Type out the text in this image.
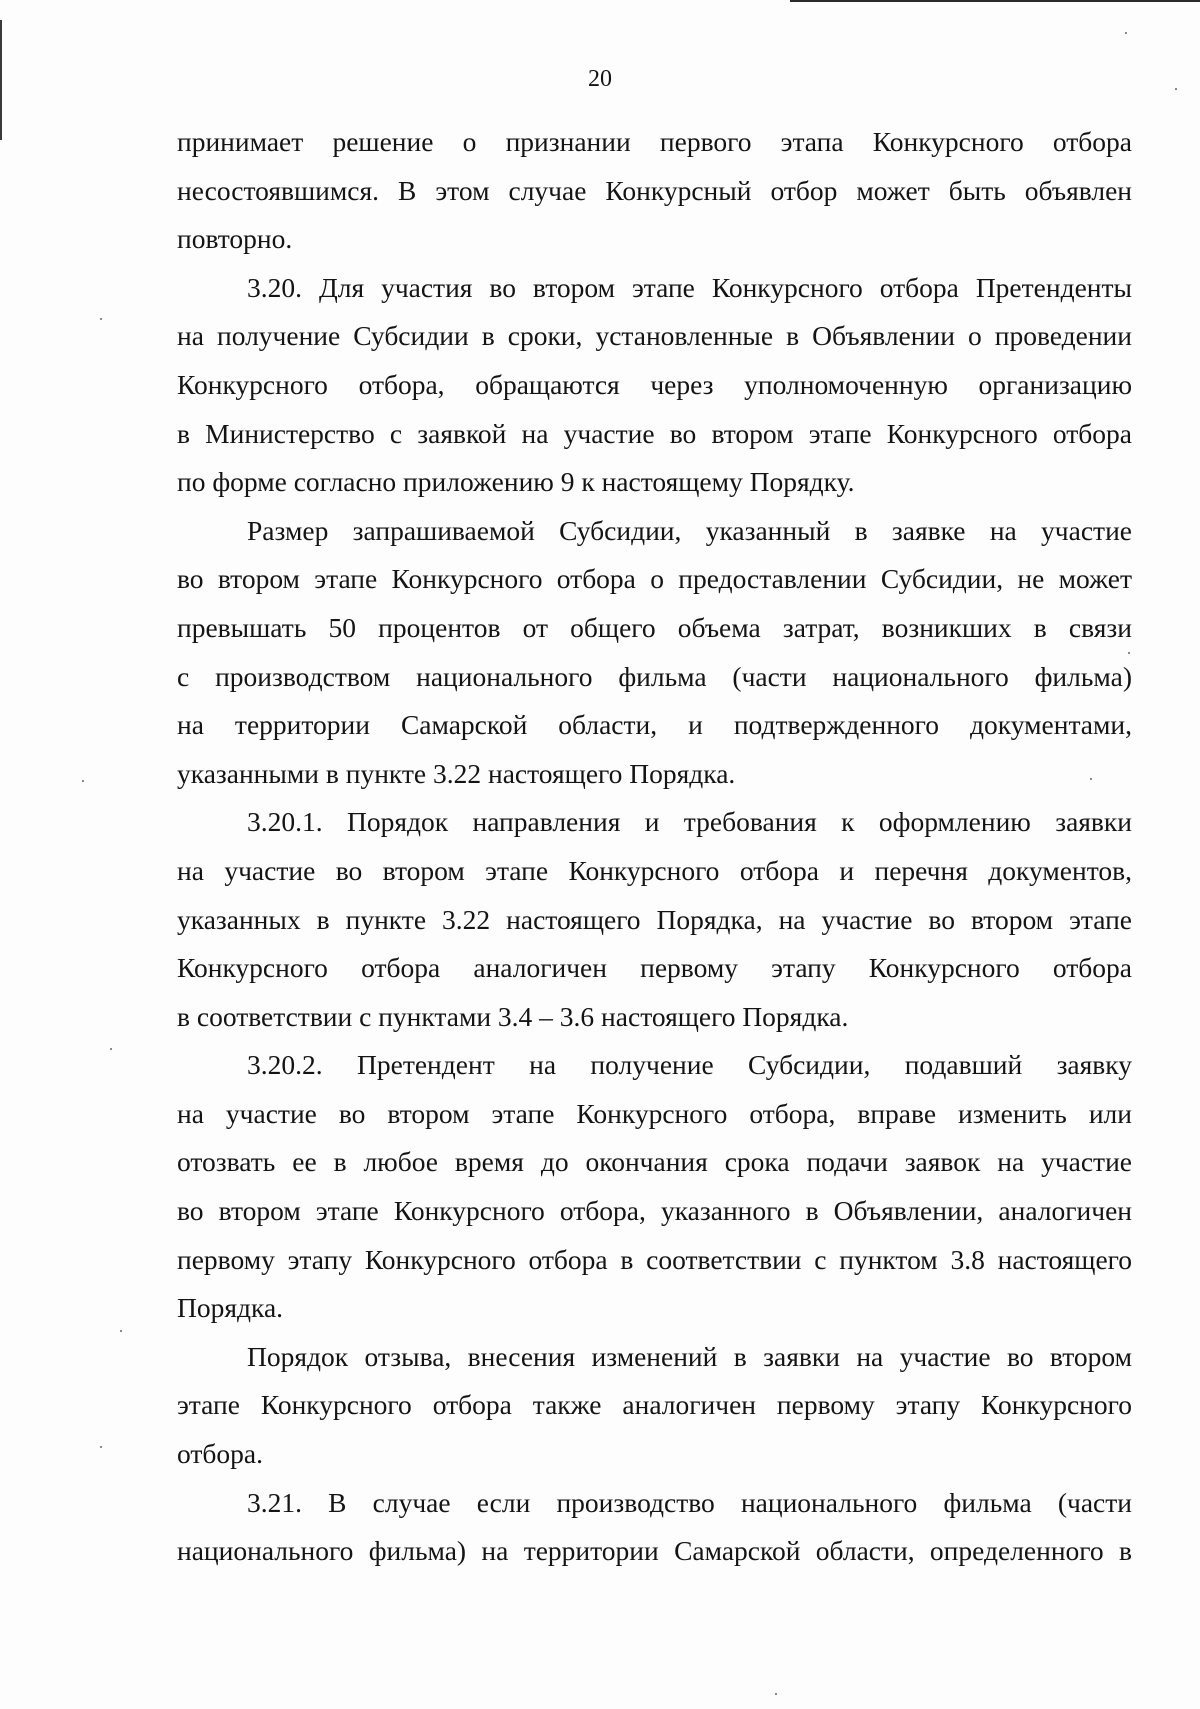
20
принимает решение о признании первого этапа Конкурсного отбора
несостоявшимся. В этом случае Конкурсный отбор может быть объявлен
повторно.
3.20. Для участия во втором этапе Конкурсного отбора Претенденты
на получение Субсидии в сроки, установленные в Объявлении о проведении
Конкурсного отбора, обращаются через уполномоченную организацию
в Министерство с заявкой на участие во втором этапе Конкурсного отбора
по форме согласно приложению 9 к настоящему Порядку.
Размер запрашиваемой Субсидии, указанный в заявке на участие
во втором этапе Конкурсного отбора о предоставлении Субсидии, не может
превышать 50 процентов от общего объема затрат, возникших в связи
с производством национального фильма (части национального фильма)
на территории Самарской области, и подтвержденного документами,
указанными в пункте 3.22 настоящего Порядка.
3.20.1. Порядок направления и требования к оформлению заявки
на участие во втором этапе Конкурсного отбора и перечня документов,
указанных в пункте 3.22 настоящего Порядка, на участие во втором этапе
Конкурсного отбора аналогичен первому этапу Конкурсного отбора
в соответствии с пунктами 3.4 – 3.6 настоящего Порядка.
3.20.2. Претендент на получение Субсидии, подавший заявку
на участие во втором этапе Конкурсного отбора, вправе изменить или
отозвать ее в любое время до окончания срока подачи заявок на участие
во втором этапе Конкурсного отбора, указанного в Объявлении, аналогичен
первому этапу Конкурсного отбора в соответствии с пунктом 3.8 настоящего
Порядка.
Порядок отзыва, внесения изменений в заявки на участие во втором
этапе Конкурсного отбора также аналогичен первому этапу Конкурсного
отбора.
3.21. В случае если производство национального фильма (части
национального фильма) на территории Самарской области, определенного в
